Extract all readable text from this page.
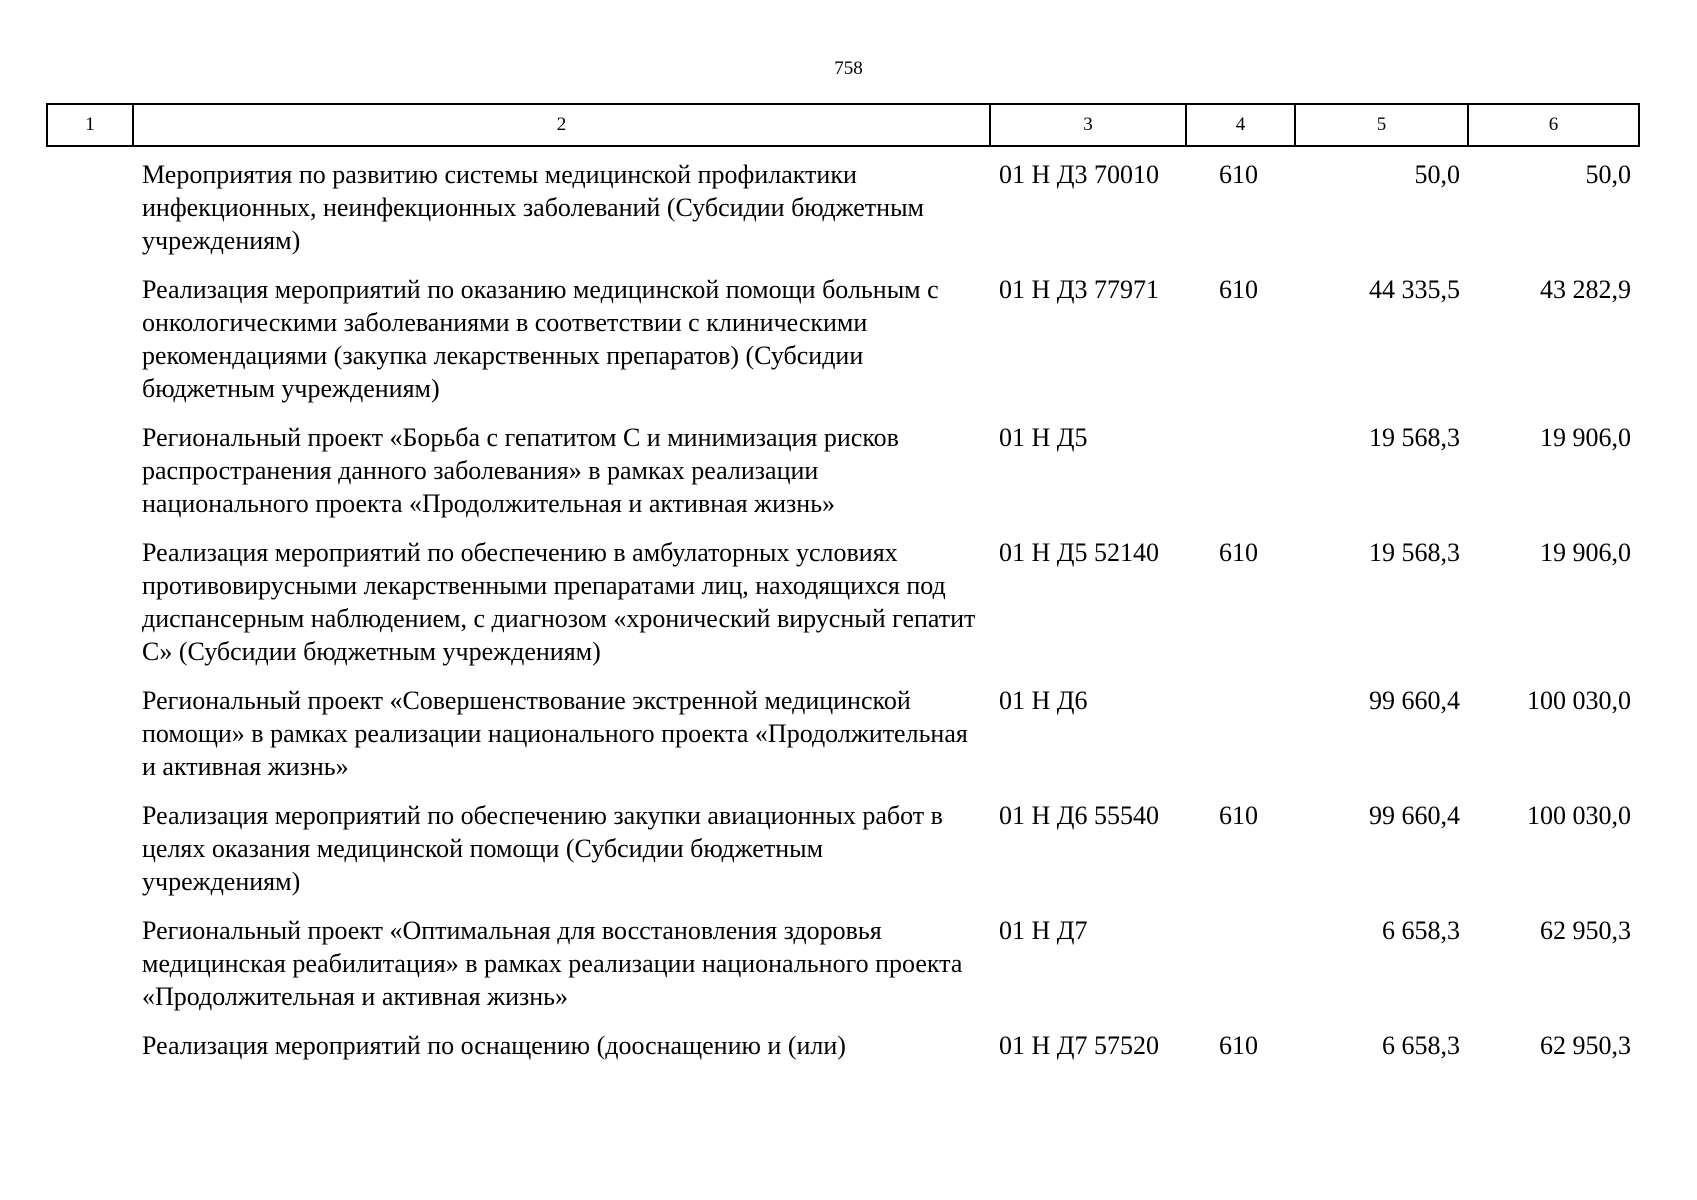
758
1	2	3	4	5	6
	Мероприятия по развитию системы медицинской профилактики инфекционных, неинфекционных заболеваний (Субсидии бюджетным учреждениям)	01 Н Д3 70010	610	50,0	50,0
	Реализация мероприятий по оказанию медицинской помощи больным с онкологическими заболеваниями в соответствии с клиническими рекомендациями (закупка лекарственных препаратов) (Субсидии бюджетным учреждениям)	01 Н Д3 77971	610	44 335,5	43 282,9
	Региональный проект «Борьба с гепатитом С и минимизация рисков распространения данного заболевания» в рамках реализации национального проекта «Продолжительная и активная жизнь»	01 Н Д5		19 568,3	19 906,0
	Реализация мероприятий по обеспечению в амбулаторных условиях противовирусными лекарственными препаратами лиц, находящихся под диспансерным наблюдением, с диагнозом «хронический вирусный гепатит С» (Субсидии бюджетным учреждениям)	01 Н Д5 52140	610	19 568,3	19 906,0
	Региональный проект «Совершенствование экстренной медицинской помощи» в рамках реализации национального проекта «Продолжительная и активная жизнь»	01 Н Д6		99 660,4	100 030,0
	Реализация мероприятий по обеспечению закупки авиационных работ в целях оказания медицинской помощи (Субсидии бюджетным учреждениям)	01 Н Д6 55540	610	99 660,4	100 030,0
	Региональный проект «Оптимальная для восстановления здоровья медицинская реабилитация» в рамках реализации национального проекта «Продолжительная и активная жизнь»	01 Н Д7		6 658,3	62 950,3
	Реализация мероприятий по оснащению (дооснащению и (или)	01 Н Д7 57520	610	6 658,3	62 950,3
